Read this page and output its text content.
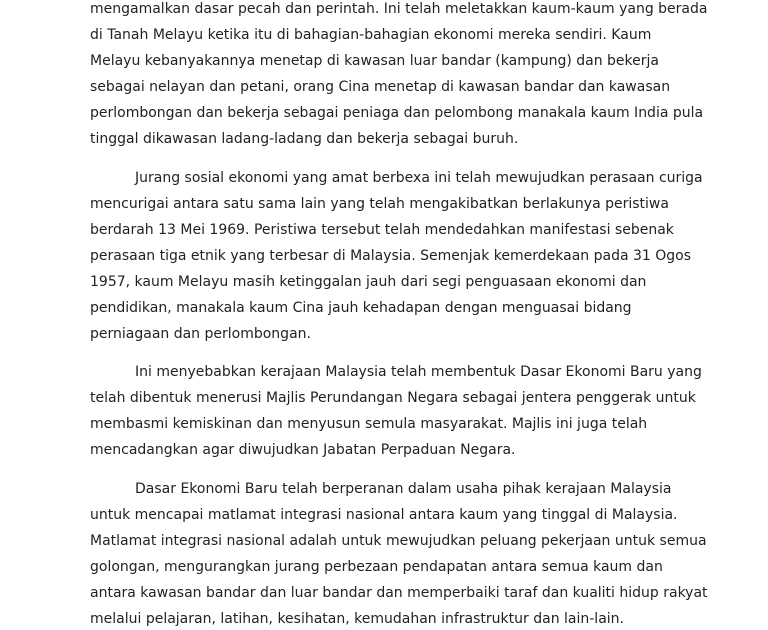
mengamalkan dasar pecah dan perintah. Ini telah meletakkan kaum-kaum yang berada

di Tanah Melayu ketika itu di bahagian-bahagian ekonomi mereka sendiri. Kaum

Melayu kebanyakannya menetap di kawasan luar bandar (kampung) dan bekerja

sebagai nelayan dan petani, orang Cina menetap di kawasan bandar dan kawasan

perlombongan dan bekerja sebagai peniaga dan pelombong manakala kaum India pula

tinggal dikawasan ladang-ladang dan bekerja sebagai buruh.

Jurang sosial ekonomi yang amat berbexa ini telah mewujudkan perasaan curiga

mencurigai antara satu sama lain yang telah mengakibatkan berlakunya peristiwa

berdarah 13 Mei 1969. Peristiwa tersebut telah mendedahkan manifestasi sebenak

perasaan tiga etnik yang terbesar di Malaysia. Semenjak kemerdekaan pada 31 Ogos

1957, kaum Melayu masih ketinggalan jauh dari segi penguasaan ekonomi dan

pendidikan, manakala kaum Cina jauh kehadapan dengan menguasai bidang

perniagaan dan perlombongan.

Ini menyebabkan kerajaan Malaysia telah membentuk Dasar Ekonomi Baru yang

telah dibentuk menerusi Majlis Perundangan Negara sebagai jentera penggerak untuk

membasmi kemiskinan dan menyusun semula masyarakat. Majlis ini juga telah

mencadangkan agar diwujudkan Jabatan Perpaduan Negara.

Dasar Ekonomi Baru telah berperanan dalam usaha pihak kerajaan Malaysia

untuk mencapai matlamat integrasi nasional antara kaum yang tinggal di Malaysia.

Matlamat integrasi nasional adalah untuk mewujudkan peluang pekerjaan untuk semua

golongan, mengurangkan jurang perbezaan pendapatan antara semua kaum dan

antara kawasan bandar dan luar bandar dan memperbaiki taraf dan kualiti hidup rakyat

melalui pelajaran, latihan, kesihatan, kemudahan infrastruktur dan lain-lain.
